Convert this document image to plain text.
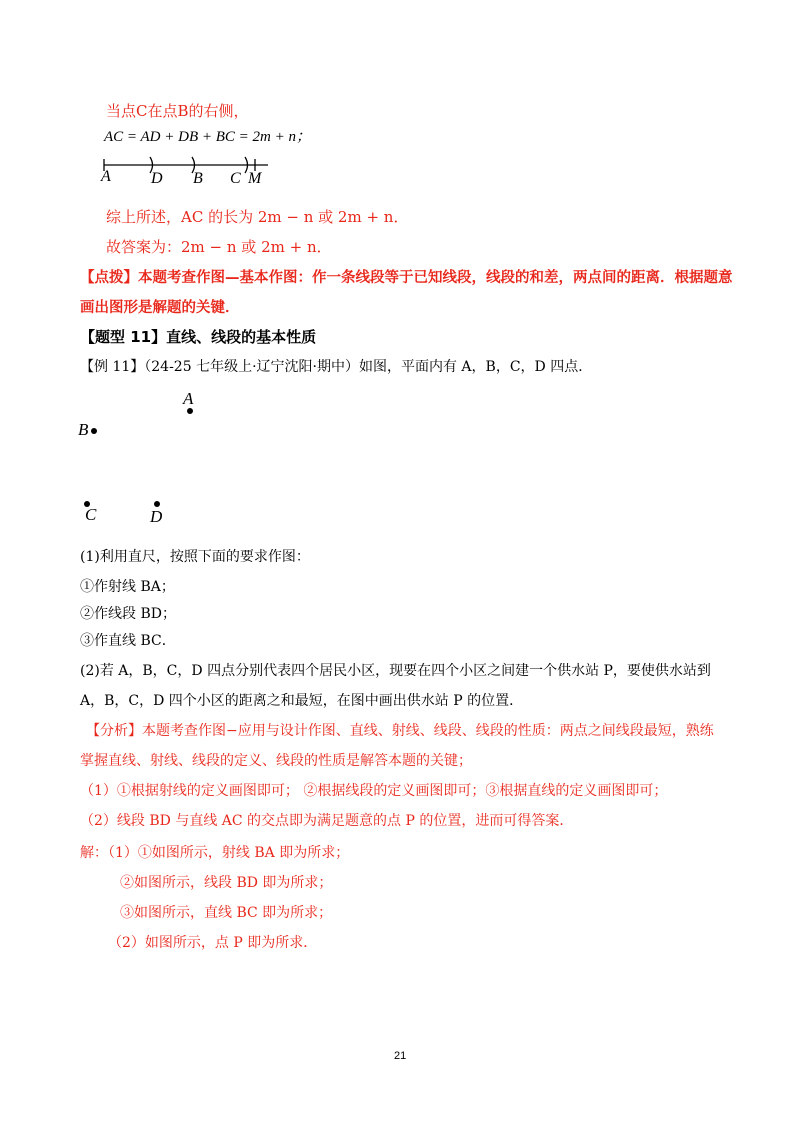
当点C在点B的右侧，
AC = AD + DB + BC = 2m + n；
A	D B C M
综上所述，AC 的长为 2m − n 或 2m + n．
故答案为：2m − n 或 2m + n．
【点拨】本题考查作图—基本作图：作一条线段等于已知线段，线段的和差，两点间的距离．根据题意
画出图形是解题的关键．
【题型 11】直线、线段的基本性质
【例 11】（24-25 七年级上·辽宁沈阳·期中）如图，平面内有 A，B，C，D 四点．
A
B
C	D
(1)利用直尺，按照下面的要求作图：
①作射线 BA；
②作线段 BD；
③作直线 BC．
(2)若 A，B，C，D 四点分别代表四个居民小区，现要在四个小区之间建一个供水站 P，要使供水站到
A，B，C，D 四个小区的距离之和最短，在图中画出供水站 P 的位置．
【分析】本题考查作图−应用与设计作图、直线、射线、线段、线段的性质：两点之间线段最短，熟练
掌握直线、射线、线段的定义、线段的性质是解答本题的关键；
（1）①根据射线的定义画图即可； ②根据线段的定义画图即可；③根据直线的定义画图即可；
（2）线段 BD 与直线 AC 的交点即为满足题意的点 P 的位置，进而可得答案．
解：（1）①如图所示，射线 BA 即为所求；
②如图所示，线段 BD 即为所求；
③如图所示，直线 BC 即为所求；
（2）如图所示，点 P 即为所求．
21
